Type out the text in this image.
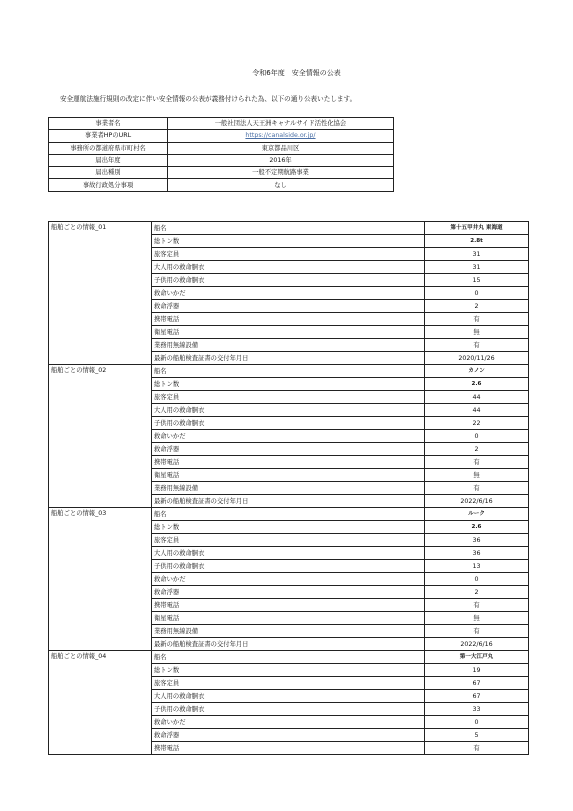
令和6年度　安全情報の公表
安全運航法施行規則の改定に伴い安全情報の公表が義務付けられた為、以下の通り公表いたします。
事業者名	一般社団法人天王洲キャナルサイド活性化協会
事業者HPのURL	https://canalside.or.jp/
事務所の都道府県市町村名	東京都品川区
届出年度	2016年
届出種別	一般不定期航路事業
事故行政処分事項	なし
船舶ごとの情報_01	船名	第十五甲井丸 東海道
	総トン数	2.8t
	旅客定員	31
	大人用の救命胴衣	31
	子供用の救命胴衣	15
	救命いかだ	0
	救命浮器	2
	携帯電話	有
	衛星電話	無
	業務用無線設備	有
	最新の船舶検査証書の交付年月日	2020/11/26
船舶ごとの情報_02	船名	カノン
	総トン数	2.6
	旅客定員	44
	大人用の救命胴衣	44
	子供用の救命胴衣	22
	救命いかだ	0
	救命浮器	2
	携帯電話	有
	衛星電話	無
	業務用無線設備	有
	最新の船舶検査証書の交付年月日	2022/6/16
船舶ごとの情報_03	船名	ルーク
	総トン数	2.6
	旅客定員	36
	大人用の救命胴衣	36
	子供用の救命胴衣	13
	救命いかだ	0
	救命浮器	2
	携帯電話	有
	衛星電話	無
	業務用無線設備	有
	最新の船舶検査証書の交付年月日	2022/6/16
船舶ごとの情報_04	船名	第一大江戸丸
	総トン数	19
	旅客定員	67
	大人用の救命胴衣	67
	子供用の救命胴衣	33
	救命いかだ	0
	救命浮器	5
	携帯電話	有
